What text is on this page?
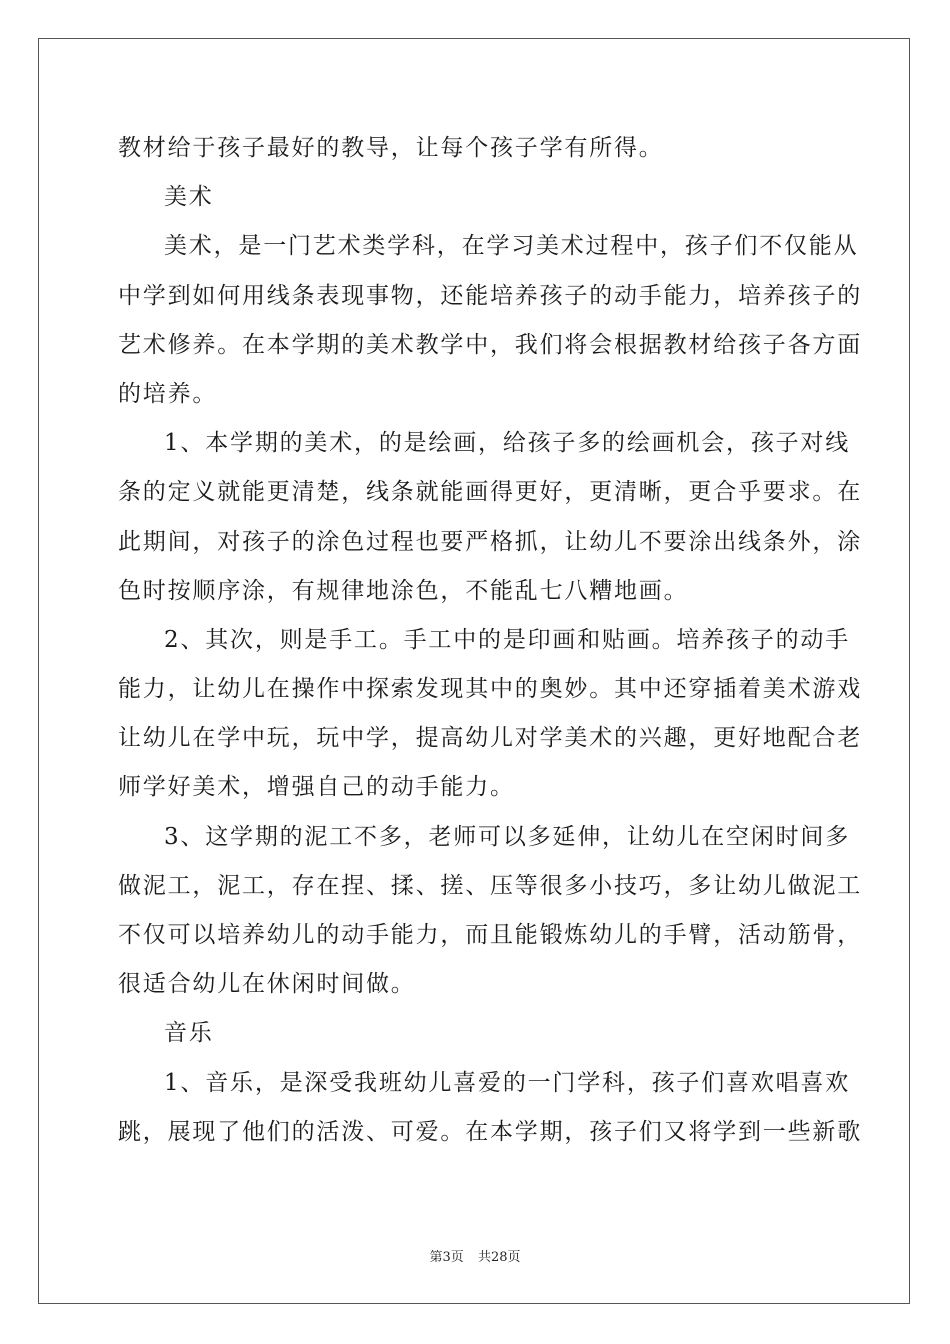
教材给于孩子最好的教导，让每个孩子学有所得。
美术
美术，是一门艺术类学科，在学习美术过程中，孩子们不仅能从
中学到如何用线条表现事物，还能培养孩子的动手能力，培养孩子的
艺术修养。在本学期的美术教学中，我们将会根据教材给孩子各方面
的培养。
1、本学期的美术，的是绘画，给孩子多的绘画机会，孩子对线
条的定义就能更清楚，线条就能画得更好，更清晰，更合乎要求。在
此期间，对孩子的涂色过程也要严格抓，让幼儿不要涂出线条外，涂
色时按顺序涂，有规律地涂色，不能乱七八糟地画。
2、其次，则是手工。手工中的是印画和贴画。培养孩子的动手
能力，让幼儿在操作中探索发现其中的奥妙。其中还穿插着美术游戏
让幼儿在学中玩，玩中学，提高幼儿对学美术的兴趣，更好地配合老
师学好美术，增强自己的动手能力。
3、这学期的泥工不多，老师可以多延伸，让幼儿在空闲时间多
做泥工，泥工，存在捏、揉、搓、压等很多小技巧，多让幼儿做泥工
不仅可以培养幼儿的动手能力，而且能锻炼幼儿的手臂，活动筋骨，
很适合幼儿在休闲时间做。
音乐
1、音乐，是深受我班幼儿喜爱的一门学科，孩子们喜欢唱喜欢
跳，展现了他们的活泼、可爱。在本学期，孩子们又将学到一些新歌
第3页 共28页
